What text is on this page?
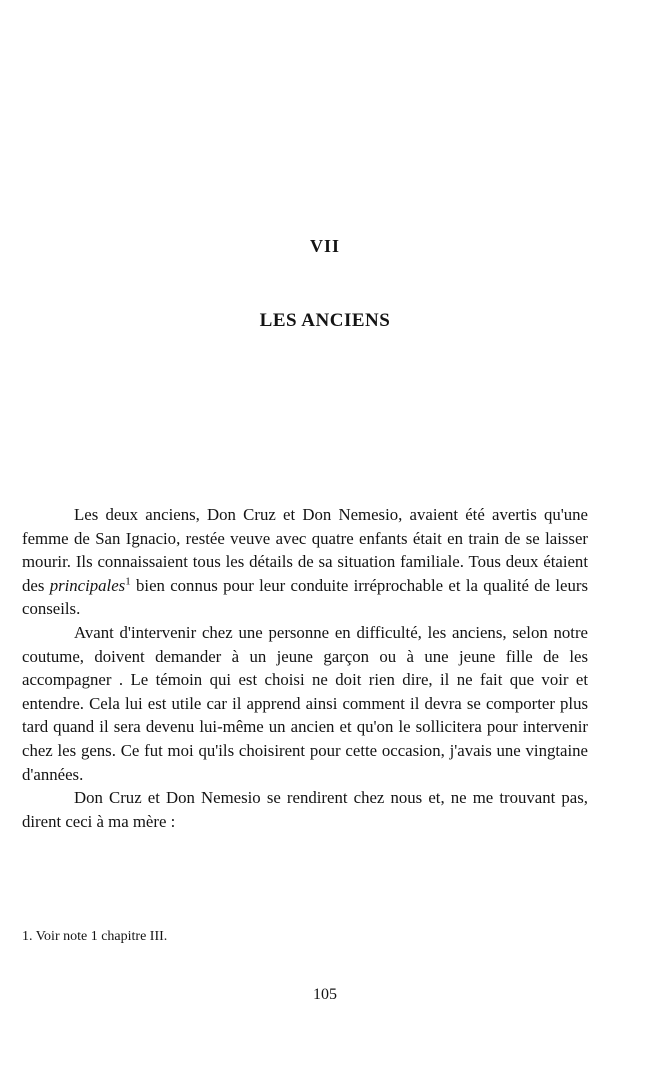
VII
LES ANCIENS

Les deux anciens, Don Cruz et Don Nemesio, avaient été avertis qu'une femme de San Ignacio, restée veuve avec quatre enfants était en train de se laisser mourir. Ils connaissaient tous les détails de sa situation familiale. Tous deux étaient des principales$^1$ bien connus pour leur conduite irréprochable et la qualité de leurs conseils.

Avant d'intervenir chez une personne en difficulté, les anciens, selon notre coutume, doivent demander à un jeune garçon ou à une jeune fille de les accompagner . Le témoin qui est choisi ne doit rien dire, il ne fait que voir et entendre. Cela lui est utile car il apprend ainsi comment il devra se comporter plus tard quand il sera devenu lui-même un ancien et qu'on le sollicitera pour intervenir chez les gens. Ce fut moi qu'ils choisirent pour cette occasion, j'avais une vingtaine d'années.

Don Cruz et Don Nemesio se rendirent chez nous et, ne me trouvant pas, dirent ceci à ma mère :

1. Voir note 1 chapitre III.
105
